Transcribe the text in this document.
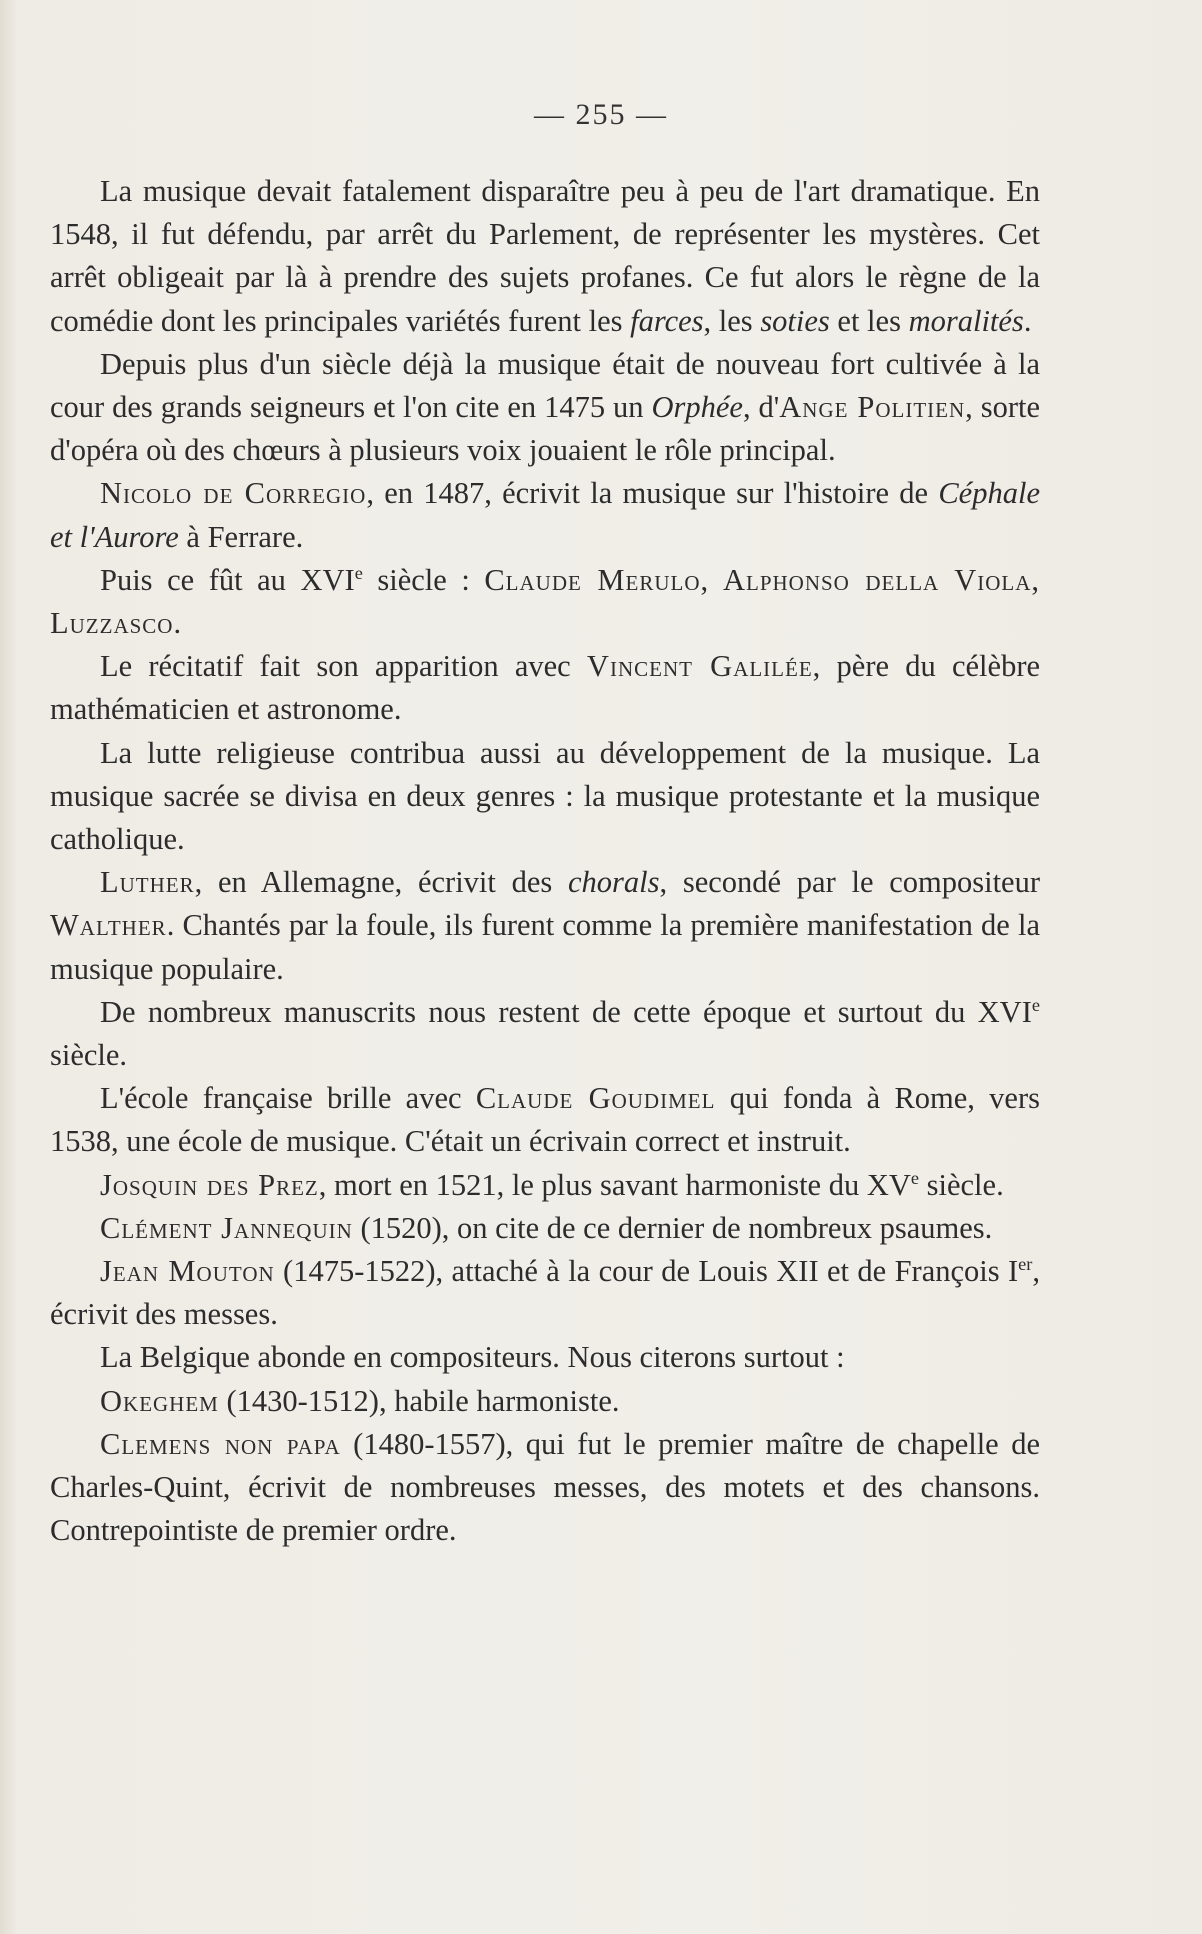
— 255 —

La musique devait fatalement disparaître peu à peu de l'art dramatique. En 1548, il fut défendu, par arrêt du Parlement, de représenter les mystères. Cet arrêt obligeait par là à prendre des sujets profanes. Ce fut alors le règne de la comédie dont les principales variétés furent les farces, les soties et les moralités.

Depuis plus d'un siècle déjà la musique était de nouveau fort cultivée à la cour des grands seigneurs et l'on cite en 1475 un Orphée, d'Ange Politien, sorte d'opéra où des chœurs à plusieurs voix jouaient le rôle principal.

Nicolo de Corregio, en 1487, écrivit la musique sur l'histoire de Céphale et l'Aurore à Ferrare.

Puis ce fût au XVIe siècle : Claude Merulo, Alphonso della Viola, Luzzasco.

Le récitatif fait son apparition avec Vincent Galilée, père du célèbre mathématicien et astronome.

La lutte religieuse contribua aussi au développement de la musique. La musique sacrée se divisa en deux genres : la musique protestante et la musique catholique.

Luther, en Allemagne, écrivit des chorals, secondé par le compositeur Walther. Chantés par la foule, ils furent comme la première manifestation de la musique populaire.

De nombreux manuscrits nous restent de cette époque et surtout du XVIe siècle.

L'école française brille avec Claude Goudimel qui fonda à Rome, vers 1538, une école de musique. C'était un écrivain correct et instruit.

Josquin des Prez, mort en 1521, le plus savant harmoniste du XVe siècle.

Clément Jannequin (1520), on cite de ce dernier de nombreux psaumes.

Jean Mouton (1475-1522), attaché à la cour de Louis XII et de François Ier, écrivit des messes.

La Belgique abonde en compositeurs. Nous citerons surtout :

Okeghem (1430-1512), habile harmoniste.

Clemens non papa (1480-1557), qui fut le premier maître de chapelle de Charles-Quint, écrivit de nombreuses messes, des motets et des chansons. Contrepointiste de premier ordre.
